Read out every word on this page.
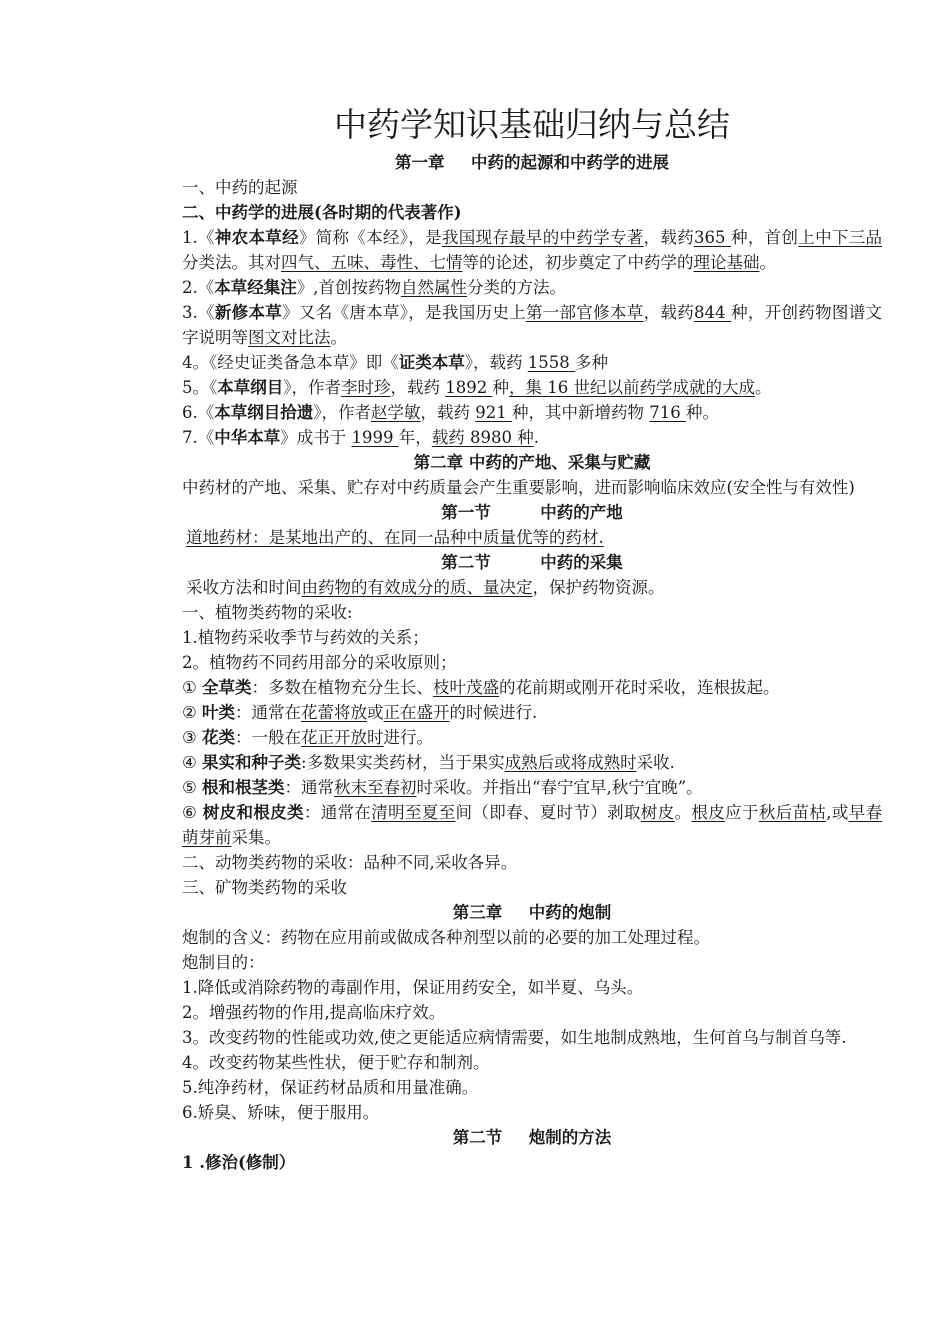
中药学知识基础归纳与总结

第一章 中药的起源和中药学的进展

一、中药的起源

二、中药学的进展(各时期的代表著作)

1.《神农本草经》简称《本经》，是我国现存最早的中药学专著，载药365 种，首创上中下三品分类法。其对四气、五味、毒性、七情等的论述，初步奠定了中药学的理论基础。

2.《本草经集注》,首创按药物自然属性分类的方法。

3.《新修本草》又名《唐本草》，是我国历史上第一部官修本草，载药844 种，开创药物图谱文字说明等图文对比法。

4。《经史证类备急本草》即《证类本草》，载药 1558 多种

5。《本草纲目》，作者李时珍，载药 1892 种，集 16 世纪以前药学成就的大成。

6.《本草纲目拾遗》，作者赵学敏，载药 921 种，其中新增药物 716 种。

7.《中华本草》成书于 1999 年，载药 8980 种.

第二章 中药的产地、采集与贮藏

中药材的产地、采集、贮存对中药质量会产生重要影响，进而影响临床效应(安全性与有效性)

第一节	中药的产地

道地药材：是某地出产的、在同一品种中质量优等的药材.

第二节	中药的采集

采收方法和时间由药物的有效成分的质、量决定，保护药物资源。

一、植物类药物的采收:

1.植物药采收季节与药效的关系；

2。植物药不同药用部分的采收原则；

① 全草类：多数在植物充分生长、枝叶茂盛的花前期或刚开花时采收，连根拔起。

② 叶类：通常在花蕾将放或正在盛开的时候进行.

③ 花类：一般在花正开放时进行。

④ 果实和种子类:多数果实类药材，当于果实成熟后或将成熟时采收.

⑤ 根和根茎类：通常秋末至春初时采收。并指出“春宁宜早,秋宁宜晚”。

⑥ 树皮和根皮类：通常在清明至夏至间（即春、夏时节）剥取树皮。根皮应于秋后苗枯,或早春萌芽前采集。

二、动物类药物的采收：品种不同,采收各异。

三、矿物类药物的采收

第三章 中药的炮制

炮制的含义：药物在应用前或做成各种剂型以前的必要的加工处理过程。

炮制目的：

1.降低或消除药物的毒副作用，保证用药安全，如半夏、乌头。

2。增强药物的作用,提高临床疗效。

3。改变药物的性能或功效,使之更能适应病情需要，如生地制成熟地，生何首乌与制首乌等.

4。改变药物某些性状，便于贮存和制剂。

5.纯净药材，保证药材品质和用量准确。

6.矫臭、矫味，便于服用。

第二节 炮制的方法

1 .修治(修制）
